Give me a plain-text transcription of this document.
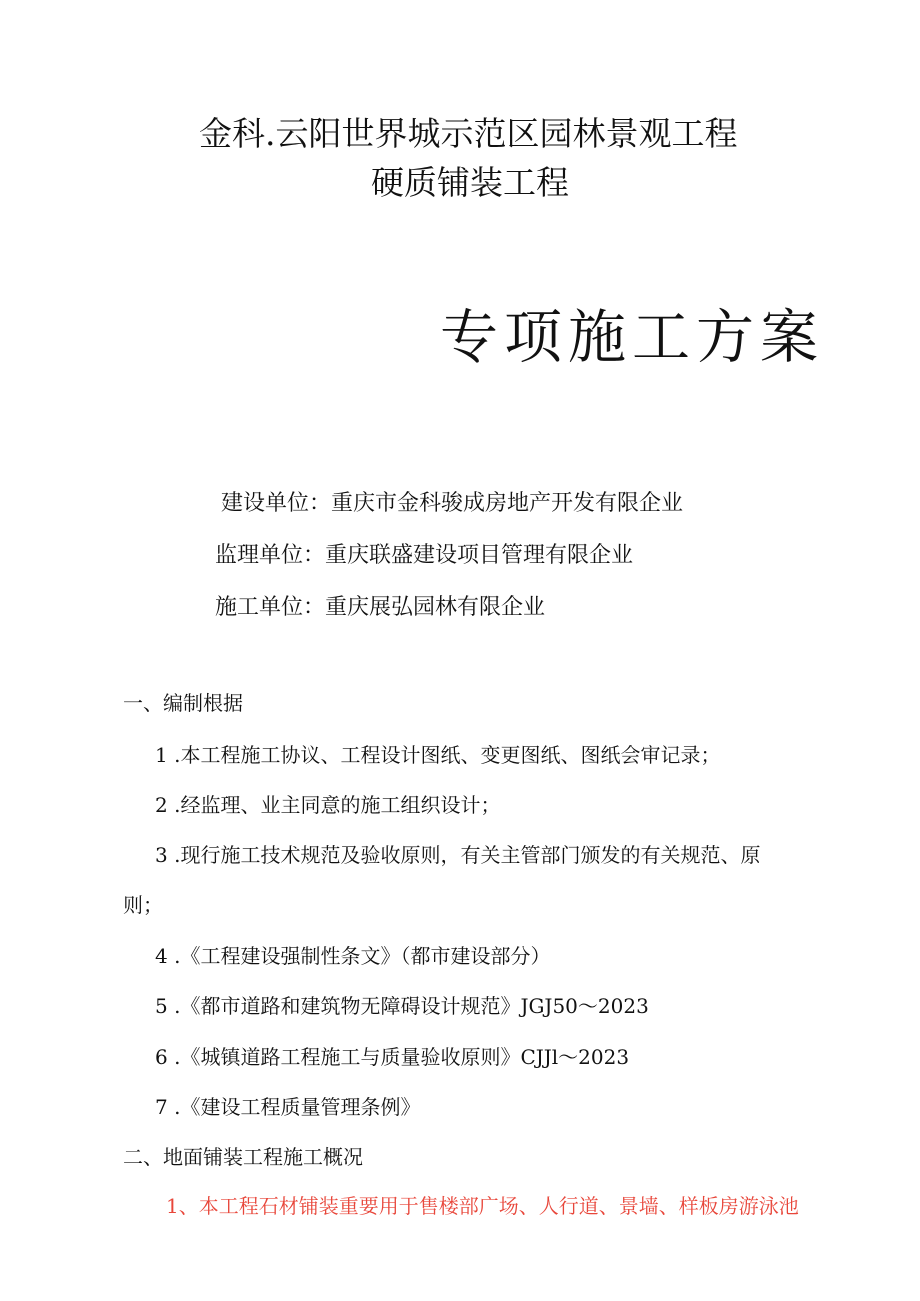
金科.云阳世界城示范区园林景观工程
硬质铺装工程
专项施工方案
建设单位：重庆市金科骏成房地产开发有限企业
监理单位：重庆联盛建设项目管理有限企业
施工单位：重庆展弘园林有限企业
一、编制根据
1 .本工程施工协议、工程设计图纸、变更图纸、图纸会审记录；
2 .经监理、业主同意的施工组织设计；
3 .现行施工技术规范及验收原则，有关主管部门颁发的有关规范、原
则；
4 .《工程建设强制性条文》（都市建设部分）
5 .《都市道路和建筑物无障碍设计规范》JGJ50～2023
6 .《城镇道路工程施工与质量验收原则》CJJl～2023
7 .《建设工程质量管理条例》
二、地面铺装工程施工概况
1、本工程石材铺装重要用于售楼部广场、人行道、景墙、样板房游泳池
